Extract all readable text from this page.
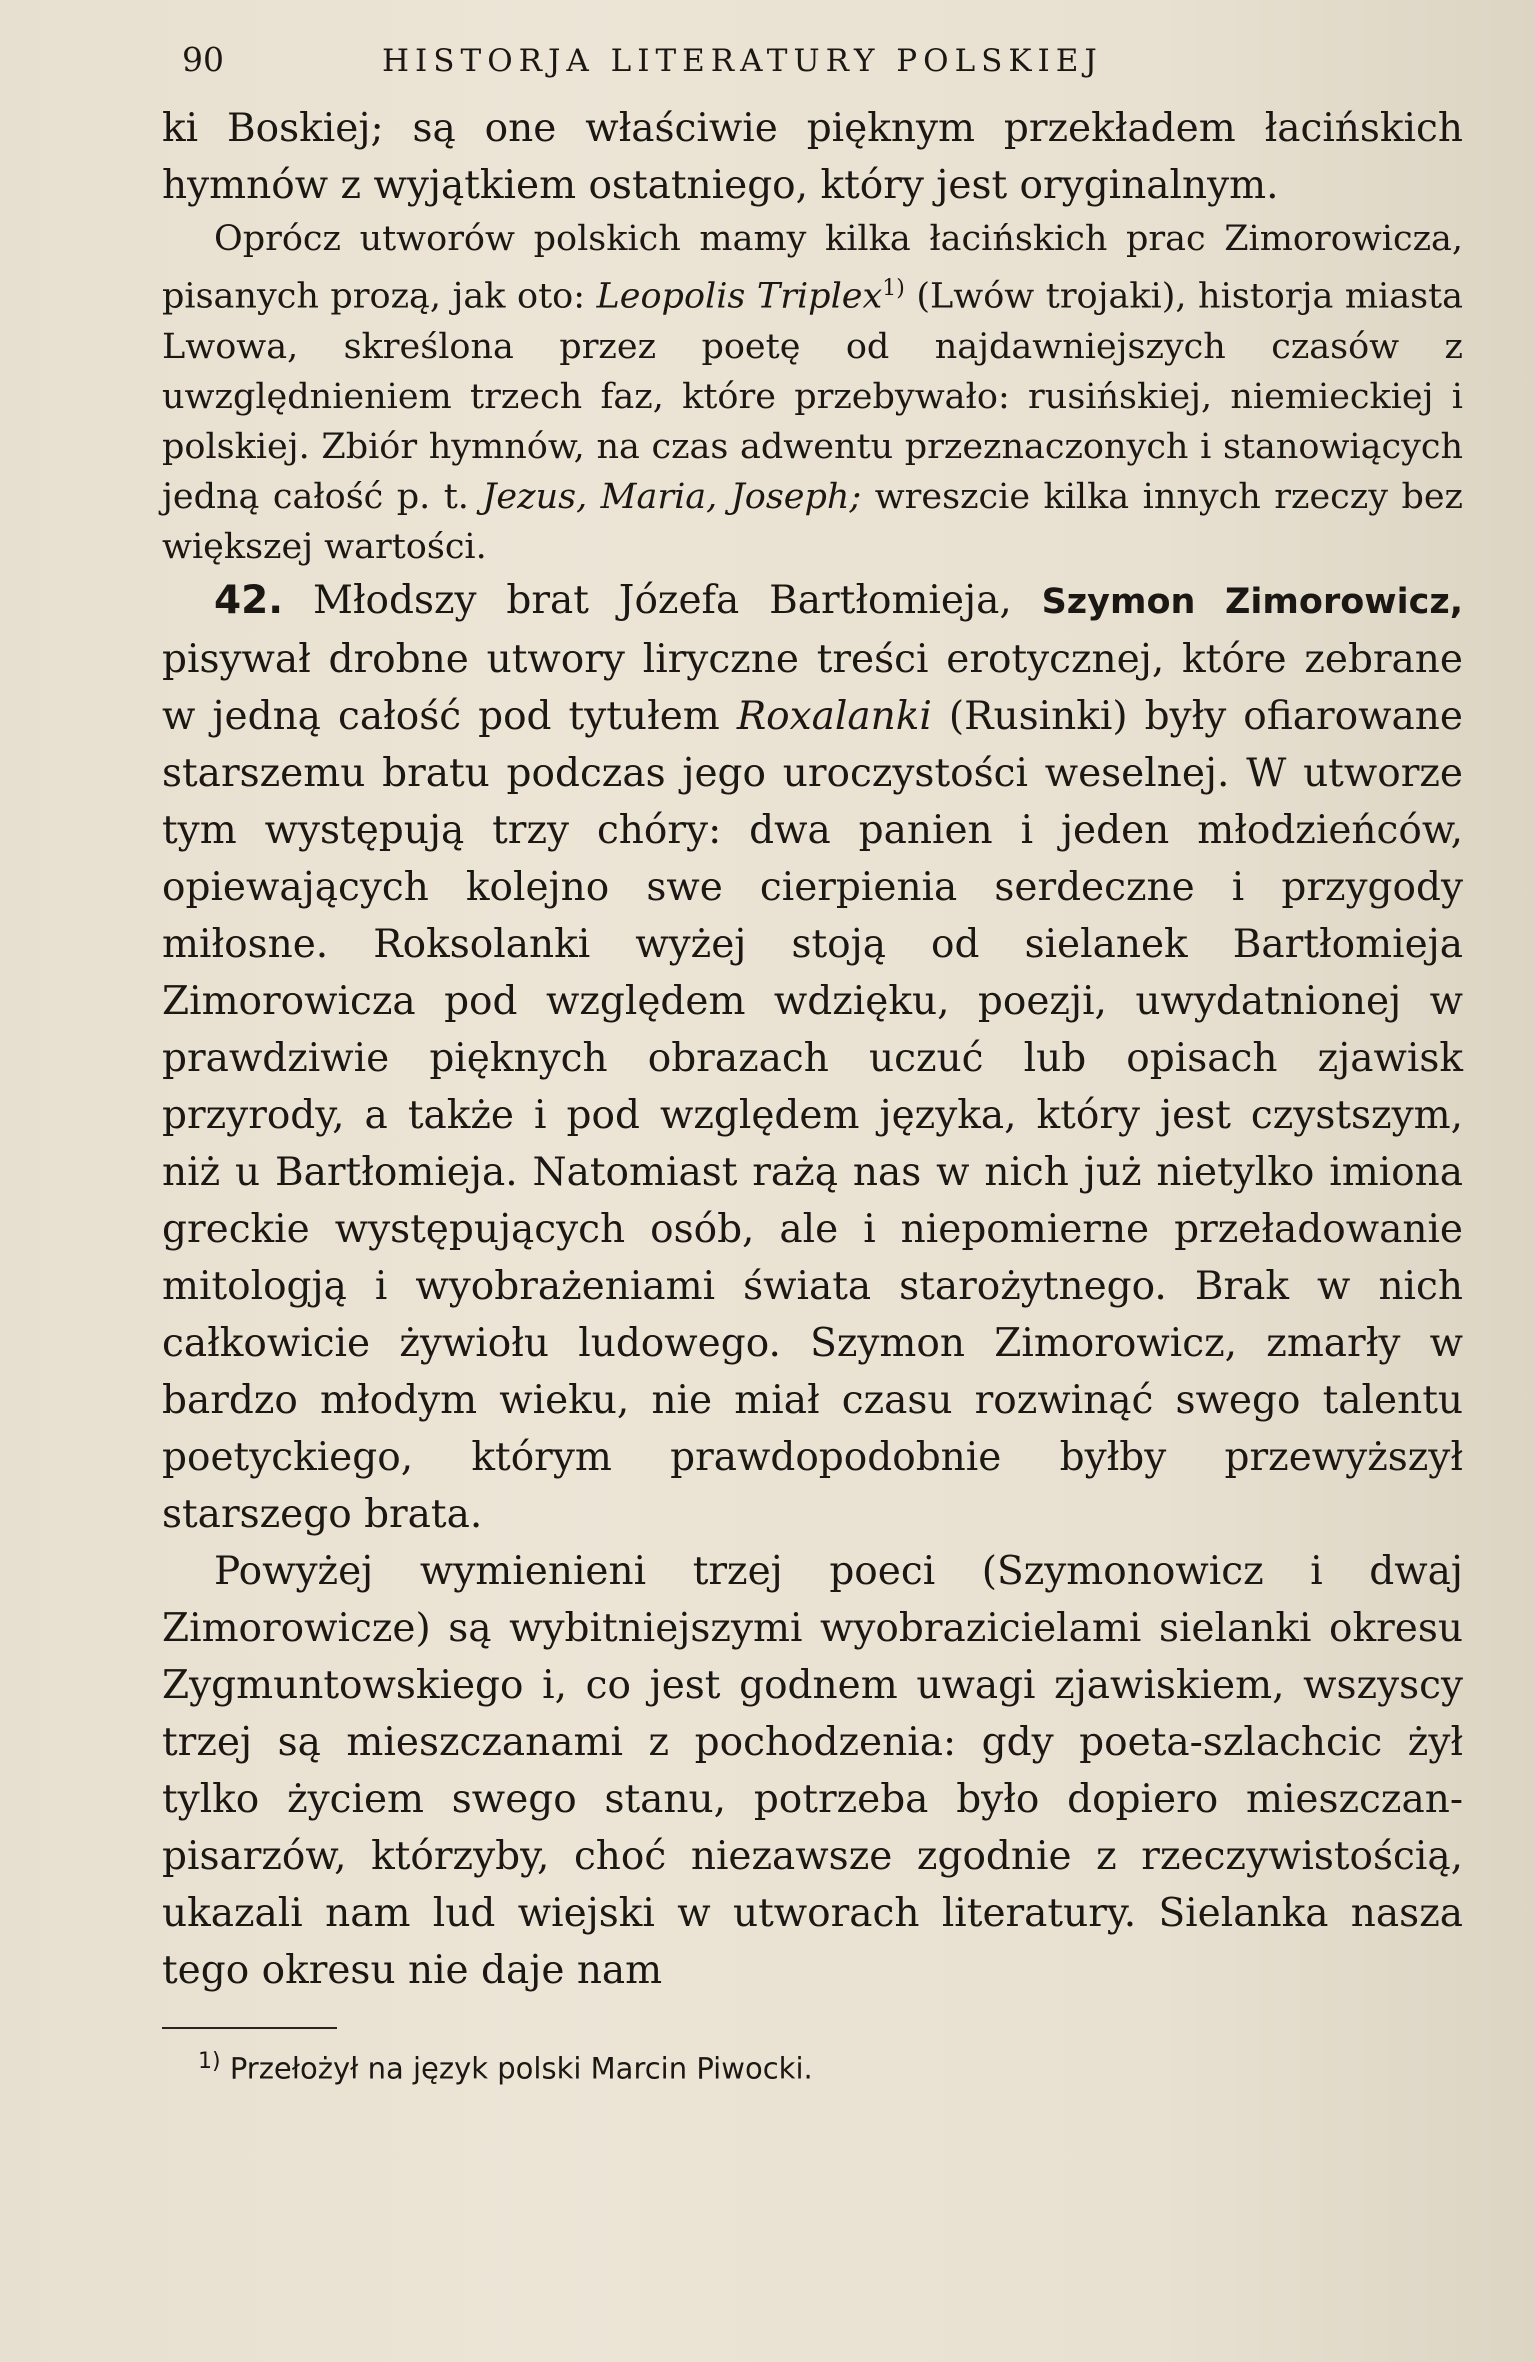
90	HISTORJA LITERATURY POLSKIEJ

ki Boskiej; są one właściwie pięknym przekładem łacińskich hymnów z wyjątkiem ostatniego, który jest oryginalnym.

Oprócz utworów polskich mamy kilka łacińskich prac Zimorowicza, pisanych prozą, jak oto: Leopolis Triplex$^{1)}$ (Lwów trojaki), historja miasta Lwowa, skreślona przez poetę od najdawniejszych czasów z uwzględnieniem trzech faz, które przebywało: rusińskiej, niemieckiej i polskiej. Zbiór hymnów, na czas adwentu przeznaczonych i stanowiących jedną całość p. t. Jezus, Maria, Joseph; wreszcie kilka innych rzeczy bez większej wartości.

42. Młodszy brat Józefa Bartłomieja, Szymon Zimorowicz, pisywał drobne utwory liryczne treści erotycznej, które zebrane w jedną całość pod tytułem Roxalanki (Rusinki) były ofiarowane starszemu bratu podczas jego uroczystości weselnej. W utworze tym występują trzy chóry: dwa panien i jeden młodzieńców, opiewających kolejno swe cierpienia serdeczne i przygody miłosne. Roksolanki wyżej stoją od sielanek Bartłomieja Zimorowicza pod względem wdzięku, poezji, uwydatnionej w prawdziwie pięknych obrazach uczuć lub opisach zjawisk przyrody, a także i pod względem języka, który jest czystszym, niż u Bartłomieja. Natomiast rażą nas w nich już nietylko imiona greckie występujących osób, ale i niepomierne przeładowanie mitologją i wyobrażeniami świata starożytnego. Brak w nich całkowicie żywiołu ludowego. Szymon Zimorowicz, zmarły w bardzo młodym wieku, nie miał czasu rozwinąć swego talentu poetyckiego, którym prawdopodobnie byłby przewyższył starszego brata.

Powyżej wymienieni trzej poeci (Szymonowicz i dwaj Zimorowicze) są wybitniejszymi wyobrazicielami sielanki okresu Zygmuntowskiego i, co jest godnem uwagi zjawiskiem, wszyscy trzej są mieszczanami z pochodzenia: gdy poeta-szlachcic żył tylko życiem swego stanu, potrzeba było dopiero mieszczan-pisarzów, którzyby, choć niezawsze zgodnie z rzeczywistością, ukazali nam lud wiejski w utworach literatury. Sielanka nasza tego okresu nie daje nam

$^{1)}$ Przełożył na język polski Marcin Piwocki.
